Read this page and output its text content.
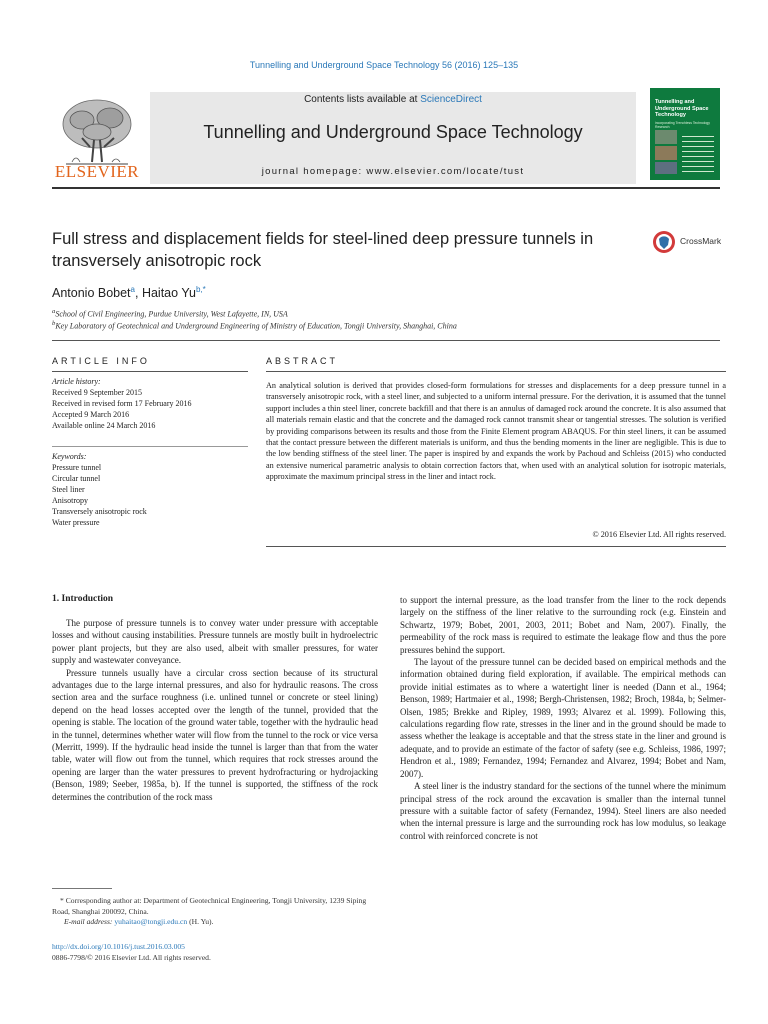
Tunnelling and Underground Space Technology 56 (2016) 125–135
ELSEVIER
Contents lists available at ScienceDirect
Tunnelling and Underground Space Technology
journal homepage: www.elsevier.com/locate/tust
Tunnelling and Underground Space Technology
incorporating Trenchless Technology Research
Full stress and displacement fields for steel-lined deep pressure tunnels in transversely anisotropic rock
CrossMark
Antonio Bobet$^a$, Haitao $Yu^{b,*}$
$^a$School of Civil Engineering, Purdue University, West Lafayette, IN, USA
$^b$Key Laboratory of Geotechnical and Underground Engineering of Ministry of Education, Tongji University, Shanghai, China
ARTICLE INFO
Article history:
Received 9 September 2015
Received in revised form 17 February 2016
Accepted 9 March 2016
Available online 24 March 2016
Keywords:
Pressure tunnel
Circular tunnel
Steel liner
Anisotropy
Transversely anisotropic rock
Water pressure
ABSTRACT
An analytical solution is derived that provides closed-form formulations for stresses and displacements for a deep pressure tunnel in a transversely anisotropic rock, with a steel liner, and subjected to a uniform internal pressure. For the derivation, it is assumed that the tunnel support includes a thin steel liner, concrete backfill and that there is an annulus of damaged rock around the concrete. It is also assumed that all materials remain elastic and that the concrete and the damaged rock cannot transmit shear or tangential stresses. The solution is verified by providing comparisons between its results and those from the Finite Element program ABAQUS. For thin steel liners, it can be assumed that the contact pressure between the different materials is uniform, and thus the bending moments in the liner are negligible. This is due to the low bending stiffness of the steel liner. The paper is inspired by and expands the work by Pachoud and Schleiss (2015) who conducted an extensive numerical parametric analysis to obtain correction factors that, when used with an analytical solution for isotropic materials, approximate the maximum principal stress in the liner and intact rock.
© 2016 Elsevier Ltd. All rights reserved.
1. Introduction

The purpose of pressure tunnels is to convey water under pressure with acceptable losses and without causing instabilities. Pressure tunnels are mostly built in hydroelectric power plant projects, but they are also used, albeit with smaller pressures, for water supply and wastewater conveyance.

Pressure tunnels usually have a circular cross section because of its structural advantages due to the large internal pressures, and also for hydraulic reasons. The cross section area and the surface roughness (i.e. unlined tunnel or concrete or steel lining) depend on the head losses accepted over the length of the tunnel, provided that the opening is stable. The location of the ground water table, together with the hydraulic head in the tunnel, determines whether water will flow from the tunnel to the rock or vice versa (Merritt, 1999). If the hydraulic head inside the tunnel is larger than that from the water table, water will flow out from the tunnel, which requires that rock stresses around the opening are larger than the water pressures to prevent hydrofracturing or hydrojacking (Benson, 1989; Seeber, 1985a, b). If the tunnel is supported, the stiffness of the rock determines the contribution of the rock mass

to support the internal pressure, as the load transfer from the liner to the rock depends largely on the stiffness of the liner relative to the surrounding rock (e.g. Einstein and Schwartz, 1979; Bobet, 2001, 2003, 2011; Bobet and Nam, 2007). Finally, the permeability of the rock mass is required to estimate the leakage flow and thus the pore pressures behind the support.

The layout of the pressure tunnel can be decided based on empirical methods and the information obtained during field exploration, if available. The empirical methods can provide initial estimates as to where a watertight liner is needed (Dann et al., 1964; Benson, 1989; Hartmaier et al., 1998; Bergh-Christensen, 1982; Broch, 1984a, b; Selmer-Olsen, 1985; Brekke and Ripley, 1989, 1993; Alvarez et al. 1999). Following this, calculations regarding flow rate, stresses in the liner and in the ground should be made to assess whether the leakage is acceptable and that the stress state in the liner and ground is adequate, and to provide an estimate of the factor of safety (see e.g. Schleiss, 1986, 1997; Hendron et al., 1989; Fernandez, 1994; Fernandez and Alvarez, 1994; Bobet and Nam, 2007).

A steel liner is the industry standard for the sections of the tunnel where the minimum principal stress of the rock around the excavation is smaller than the internal tunnel pressure with a suitable factor of safety (Fernandez, 1994). Steel liners are also needed when the internal pressure is large and the surrounding rock has low modulus, so leakage control with reinforced concrete is not

* Corresponding author at: Department of Geotechnical Engineering, Tongji University, 1239 Siping Road, Shanghai 200092, China.
E-mail address: yuhaitao@tongji.edu.cn (H. Yu).
http://dx.doi.org/10.1016/j.tust.2016.03.005
0886-7798/© 2016 Elsevier Ltd. All rights reserved.
